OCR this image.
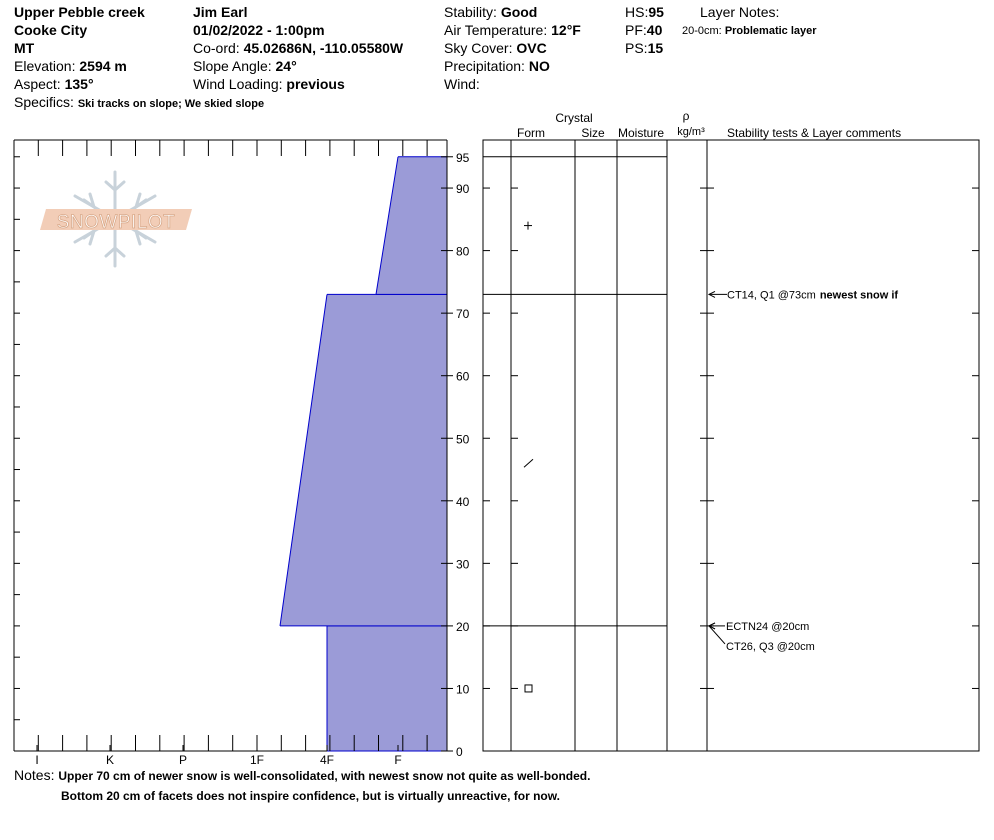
Upper Pebble creek
Cooke City
MT
Elevation: 2594 m
Aspect: 135°
Specifics: Ski tracks on slope; We skied slope
Jim Earl
01/02/2022 - 1:00pm
Co-ord: 45.02686N, -110.05580W
Slope Angle: 24°
Wind Loading: previous
Stability: Good
Air Temperature: 12°F
Sky Cover: OVC
Precipitation: NO
Wind:
HS:95
PF:40
PS:15
Layer Notes:
20-0cm: Problematic layer
SNOWPILOT
I	K	P	1F	4F	F
0
10
20
30
40
50
60
70
80
90
95
Crystal
Form	Size Moisture
ρ
kg/m³ Stability tests & Layer comments
CT14, Q1 @73cm newest snow if
ECTN24 @20cm
CT26, Q3 @20cm
Notes: Upper 70 cm of newer snow is well-consolidated, with newest snow not quite as well-bonded.
Bottom 20 cm of facets does not inspire confidence, but is virtually unreactive, for now.
